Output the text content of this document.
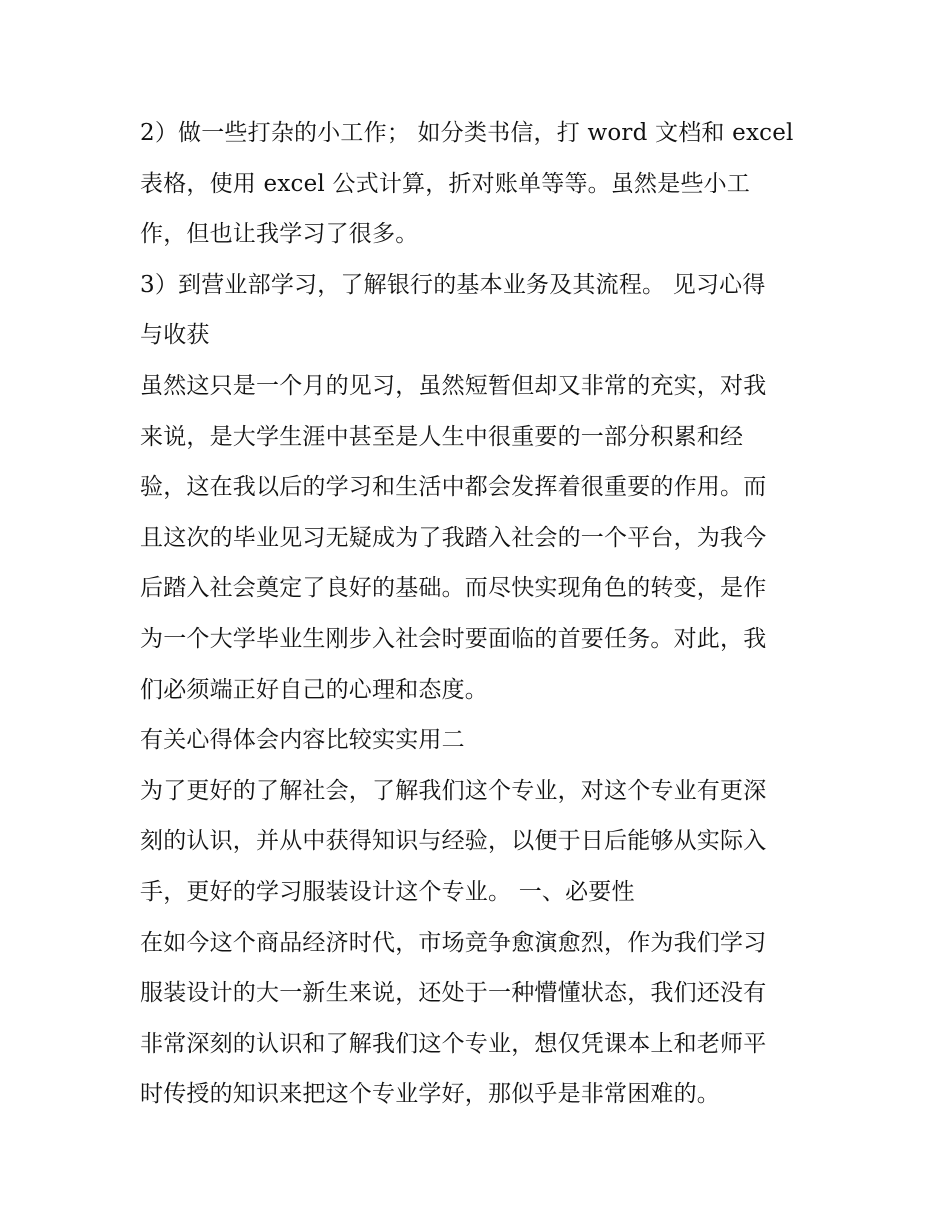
2）做一些打杂的小工作； 如分类书信，打 word 文档和 excel
表格，使用 excel 公式计算，折对账单等等。虽然是些小工
作，但也让我学习了很多。
3）到营业部学习，了解银行的基本业务及其流程。 见习心得
与收获
虽然这只是一个月的见习，虽然短暂但却又非常的充实，对我
来说，是大学生涯中甚至是人生中很重要的一部分积累和经
验，这在我以后的学习和生活中都会发挥着很重要的作用。而
且这次的毕业见习无疑成为了我踏入社会的一个平台，为我今
后踏入社会奠定了良好的基础。而尽快实现角色的转变，是作
为一个大学毕业生刚步入社会时要面临的首要任务。对此，我
们必须端正好自己的心理和态度。
有关心得体会内容比较实实用二
为了更好的了解社会，了解我们这个专业，对这个专业有更深
刻的认识，并从中获得知识与经验，以便于日后能够从实际入
手，更好的学习服装设计这个专业。 一、必要性
在如今这个商品经济时代，市场竞争愈演愈烈，作为我们学习
服装设计的大一新生来说，还处于一种懵懂状态，我们还没有
非常深刻的认识和了解我们这个专业，想仅凭课本上和老师平
时传授的知识来把这个专业学好，那似乎是非常困难的。
